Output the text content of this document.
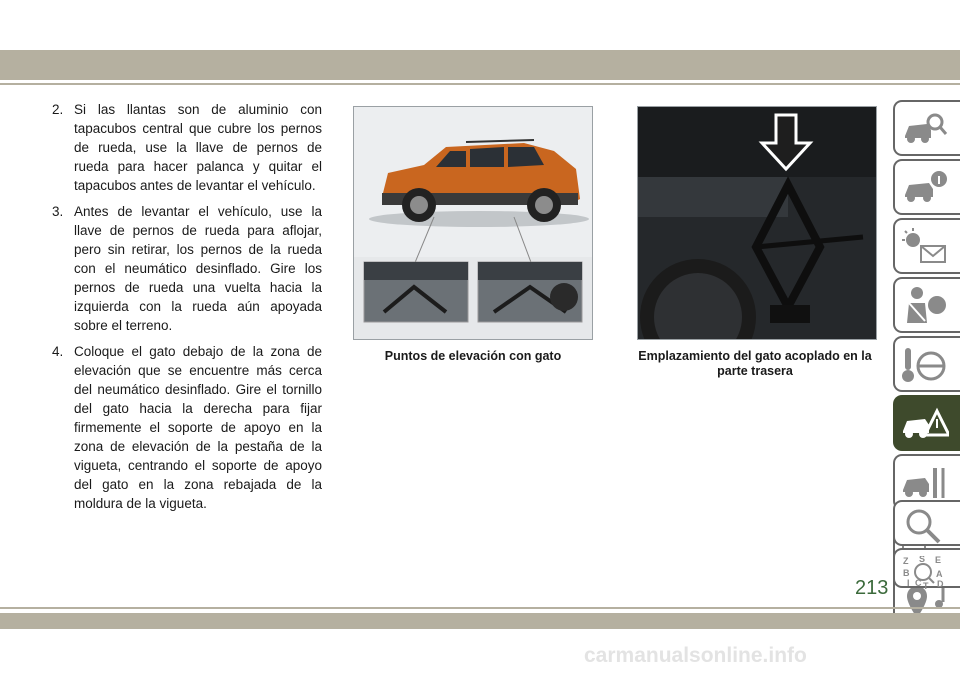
2. Si las llantas son de aluminio con tapacubos central que cubre los pernos de rueda, use la llave de pernos de rueda para hacer palanca y quitar el tapacubos antes de levantar el vehículo.
3. Antes de levantar el vehículo, use la llave de pernos de rueda para aflojar, pero sin retirar, los pernos de la rueda con el neumático desinflado. Gire los pernos de rueda una vuelta hacia la izquierda con la rueda aún apoyada sobre el terreno.
4. Coloque el gato debajo de la zona de elevación que se encuentre más cerca del neumático desinflado. Gire el tornillo del gato hacia la derecha para fijar firmemente el soporte de apoyo en la zona de elevación de la pestaña de la vigueta, centrando el soporte de apoyo del gato en la zona rebajada de la moldura de la vigueta.
Puntos de elevación con gato	Emplazamiento del gato acoplado en la parte trasera
Z S E
B	A
I C D
T
213
carmanualsonline.info
